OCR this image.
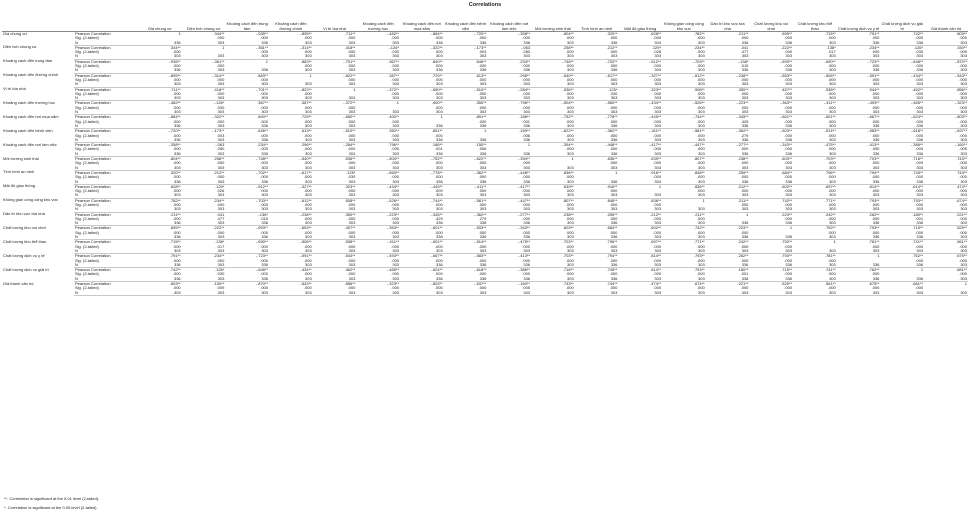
Correlations
		Giá chung cư	Diện tích chung cư	Khoảng cách đến trung tâm	Khoảng cách đến đường chính	Vị trí tòa nhà	Khoảng cách đến trường học	Khoảng cách đến nơi mua sắm	Khoảng cách đến bệnh viện	Khoảng cách đến nơi làm việc	Môi trường sinh thái	Tình hình an ninh	Mật độ giao thông	Không gian công cộng khu vực	Dân trí khu vực tòa nhà	Chất lượng khu vui chơi	Chất lượng khu thể thao	Chất lượng dịch vụ y tế	Chất lượng dịch vụ giải trí	Giá thành căn hộ
Giá chung cư	Pearson Correlation	1	.344**	-.935**	-.895**	.711**	-.482**	-.884**	-.720**	-.358**	.804**	.320**	.628**	.782**	.211**	.695**	.715**	.791**	.742**	.803**
	Sig. (2-tailed)		.000	.000	.000	.000	.000	.000	.000	.000	.000	.000	.000	.000	.000	.000	.000	.000	.000	.000
	N	336	303	336	303	303	303	336	336	336	303	336	303	303	336	336	303	336	336	303
Diện tích chung cư	Pearson Correlation	.344**	1	-.361**	-.314**	.418**	-.126*	-.322**	-.173**	-.063	.258**	.212**	.129*	.234**	.041	.222**	.138*	.234**	.126*	.150**
	Sig. (2-tailed)	.000		.000	.000	.000	.030	.000	.003	.280	.000	.000	.026	.000	.477	.000	.017	.000	.030	.009
	N	303	303	303	303	303	303	303	303	303	303	303	303	303	303	303	303	303	303	303
Khoảng cách đến trung tâm	Pearson Correlation	-.935**	-.361**	1	.883**	-.701**	.367**	.840**	.646**	.234**	-.748**	-.702**	-.512**	-.703**	-.138*	-.693**	-.690**	-.723**	-.648**	-.870**
	Sig. (2-tailed)	.000	.000		.000	.000	.000	.000	.000	.000	.000	.000	.000	.000	.015	.000	.000	.000	.000	.000
	N	336	303	336	303	303	303	336	336	336	303	336	303	303	336	336	303	336	336	303
Khoảng cách đến đường chính	Pearson Correlation	-.895**	-.314**	.883**	1	-.822**	.387**	.729**	.613**	.296**	-.540**	-.617**	-.327**	-.612**	-.238**	-.653**	-.506**	-.591**	-.434**	-.543**
	Sig. (2-tailed)	.000	.000	.000		.000	.000	.000	.000	.000	.000	.000	.000	.000	.000	.000	.000	.000	.000	.000
	N	303	303	303	303	303	303	303	303	303	303	303	303	303	303	303	303	303	303	303
Vị trí tòa nhà	Pearson Correlation	.711**	.418**	-.701**	-.822**	1	-.372**	-.650**	-.510**	-.284**	.536**	.125*	.323**	.508**	.350**	.457**	.538**	.544**	.462**	.856**
	Sig. (2-tailed)	.000	.000	.000	.000		.000	.000	.000	.000	.000	.030	.000	.000	.000	.000	.000	.000	.000	.000
	N	303	303	303	303	303	303	303	303	303	303	303	303	303	303	303	303	303	303	303
Khoảng cách đến trường học	Pearson Correlation	-.482**	-.126*	.367**	.387**	-.372**	1	.400**	.350**	.796**	-.504**	-.560**	-.434**	-.526**	-.223**	-.363**	-.411**	-.493**	-.465**	-.323**
	Sig. (2-tailed)	.000	.030	.000	.000	.000		.000	.000	.000	.000	.000	.000	.000	.000	.000	.000	.000	.000	.000
	N	303	303	303	303	303	303	303	303	303	303	303	303	303	303	303	303	303	303	303
Khoảng cách đến nơi mua sắm	Pearson Correlation	-.884**	-.322**	.840**	.729**	-.650**	.400**	1	.851**	.186**	-.752**	-.778**	-.445**	-.744**	-.345**	-.601**	-.601**	-.667**	-.624**	-.803**
	Sig. (2-tailed)	.000	.000	.000	.000	.000	.000		.000	.001	.000	.000	.000	.000	.429	.000	.000	.000	.000	.000
	N	336	303	336	303	303	303	336	336	336	303	336	303	303	336	336	303	336	336	303
Khoảng cách đến bệnh viện	Pearson Correlation	-.720**	-.173**	.646**	.613**	-.510**	.350**	.851**	1	.150**	-.622**	-.362**	-.411**	-.581**	-.362**	-.503**	-.514**	-.583**	-.618**	-.637**
	Sig. (2-tailed)	.000	.003	.000	.000	.000	.000	.000		.006	.000	.000	.000	.000	.279	.000	.000	.000	.000	.000
	N	336	303	336	303	303	303	336	336	336	303	336	303	303	336	336	303	336	336	303
Khoảng cách đến nơi làm việc	Pearson Correlation	-.358**	-.063	.234**	.296**	-.284**	.796**	.186**	.150**	1	-.394**	-.448**	-.417**	-.447**	-.277**	-.343**	-.475**	-.413**	-.386**	-.160**
	Sig. (2-tailed)	.000	.280	.000	.000	.000	.000	.001	.006		.000	.000	.000	.000	.000	.000	.000	.000	.000	.005
	N	336	303	336	303	303	303	336	336	336	303	336	303	303	336	336	303	336	336	303
Môi trường sinh thái	Pearson Correlation	.804**	.258**	-.748**	-.540**	.536**	-.504**	-.752**	-.622**	-.394**	1	.836**	.639**	.807**	.238**	.603**	.703**	.703**	.716**	.743**
	Sig. (2-tailed)	.000	.000	.000	.000	.000	.000	.000	.000	.000		.000	.000	.000	.000	.000	.000	.000	.000	.000
	N	303	303	303	303	303	303	303	303	303	303	303	303	303	303	303	303	303	303	303
Tình hình an ninh	Pearson Correlation	.320**	.212**	-.702**	-.617**	.125*	-.560**	-.778**	-.362**	-.448**	.836**	1	.916**	.848**	.259**	.684**	.796**	.794**	.745**	.744**
	Sig. (2-tailed)	.000	.000	.000	.000	.030	.000	.000	.000	.000	.000		.000	.000	.000	.000	.000	.000	.000	.000
	N	336	303	336	303	303	303	336	336	336	303	336	303	303	336	336	303	336	336	303
Mật độ giao thông	Pearson Correlation	.628**	.129*	-.512**	-.327**	.323**	-.434**	-.445**	-.411**	-.417**	.639**	.916**	1	.836**	.212**	.602**	.697**	.814**	.614**	.474**
	Sig. (2-tailed)	.000	.026	.000	.000	.000	.000	.000	.000	.000	.000	.000		.000	.000	.000	.000	.000	.000	.000
	N	303	303	303	303	303	303	303	303	303	303	303	303	303	303	303	303	303	303	303
Không gian công cộng khu vực	Pearson Correlation	.782**	.234**	-.703**	-.612**	.508**	-.526**	-.744**	-.581**	-.447**	.807**	.848**	.836**	1	.211**	.742**	.771**	.793**	.793**	.674**
	Sig. (2-tailed)	.000	.000	.000	.000	.000	.000	.000	.000	.000	.000	.000	.000		.000	.000	.000	.000	.000	.000
	N	303	303	303	303	303	303	303	303	303	303	303	303	303	303	303	303	303	303	303
Dân trí khu vực tòa nhà	Pearson Correlation	.211**	.041	-.138*	-.238**	.350**	-.223**	-.345**	-.362**	-.277**	.238**	.259**	.212**	.211**	1	.223**	.242**	.262**	.180**	.221**
	Sig. (2-tailed)	.000	.477	.015	.000	.000	.000	.429	.279	.000	.000	.000	.000	.000		.000	.000	.000	.001	.000
	N	336	303	336	303	303	303	336	336	336	303	336	303	303	336	336	303	336	336	303
Chất lượng khu vui chơi	Pearson Correlation	.695**	.222**	-.693**	-.653**	.457**	-.363**	-.601**	-.503**	-.343**	.603**	.684**	.602**	.742**	.223**	1	.752**	.793**	.715**	.529**
	Sig. (2-tailed)	.000	.000	.000	.000	.000	.000	.000	.000	.000	.000	.000	.000	.000	.000		.000	.000	.000	.000
	N	336	303	336	303	303	303	336	336	336	303	336	303	303	336	336	303	336	336	303
Chất lượng khu thể thao	Pearson Correlation	.715**	.138*	-.690**	-.506**	.538**	-.411**	-.601**	-.514**	-.475**	.703**	.796**	.697**	.771**	.242**	.752**	1	.781**	.741**	.561**
	Sig. (2-tailed)	.000	.017	.000	.000	.000	.000	.000	.000	.000	.000	.000	.000	.000	.000	.000		.000	.000	.000
	N	303	303	303	303	303	303	303	303	303	303	303	303	303	303	303	303	303	303	303
Chất lượng dịch vụ y tế	Pearson Correlation	.791**	.234**	-.723**	-.591**	.544**	-.493**	-.667**	-.583**	-.413**	.703**	.794**	.814**	.793**	.262**	.793**	.781**	1	.762**	.675**
	Sig. (2-tailed)	.000	.000	.000	.000	.000	.000	.000	.000	.000	.000	.000	.000	.000	.000	.000	.000		.000	.000
	N	336	303	336	303	303	303	336	336	336	303	336	303	303	336	336	303	336	336	303
Chất lượng dịch vụ giải trí	Pearson Correlation	.742**	.126*	-.648**	-.434**	.462**	-.465**	-.624**	-.618**	-.386**	.716**	.745**	.614**	.793**	.180**	.715**	.741**	.762**	1	.681**
	Sig. (2-tailed)	.000	.030	.000	.000	.000	.000	.000	.000	.000	.000	.000	.000	.000	.001	.000	.000	.000		.000
	N	336	303	336	303	303	303	336	336	336	303	336	303	303	336	336	303	336	336	303
Giá thành căn hộ	Pearson Correlation	.803**	.150**	-.870**	-.543**	.856**	-.323**	-.803**	-.637**	-.160**	.743**	.744**	.474**	.674**	.221**	.529**	.561**	.675**	.681**	1
	Sig. (2-tailed)	.000	.009	.000	.000	.000	.000	.000	.000	.005	.000	.000	.000	.000	.000	.000	.000	.000	.000	
	N	303	303	303	303	303	303	303	303	303	303	303	303	303	303	303	303	303	303	303
**. Correlation is significant at the 0.01 level (2-tailed).
*. Correlation is significant at the 0.05 level (2-tailed).
